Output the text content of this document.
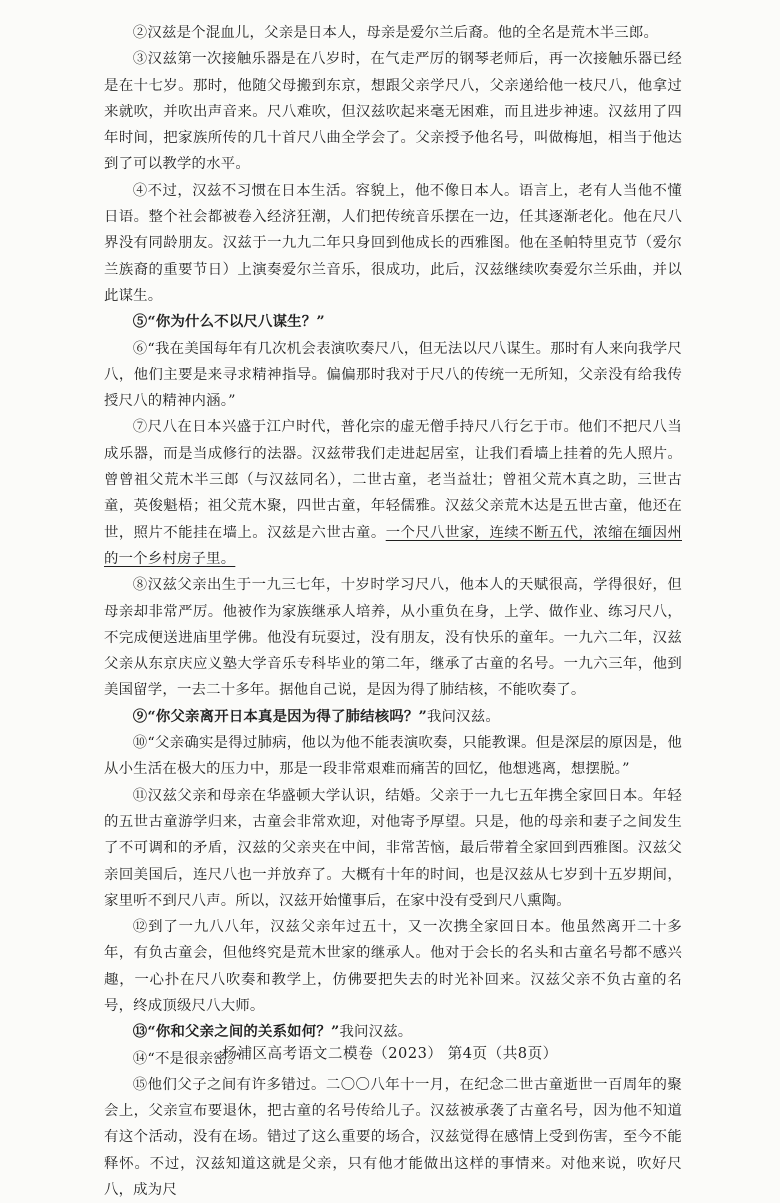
②汉兹是个混血儿，父亲是日本人，母亲是爱尔兰后裔。他的全名是荒木半三郎。

③汉兹第一次接触乐器是在八岁时，在气走严厉的钢琴老师后，再一次接触乐器已经是在十七岁。那时，他随父母搬到东京，想跟父亲学尺八，父亲递给他一枝尺八，他拿过来就吹，并吹出声音来。尺八难吹，但汉兹吹起来毫无困难，而且进步神速。汉兹用了四年时间，把家族所传的几十首尺八曲全学会了。父亲授予他名号，叫做梅旭，相当于他达到了可以教学的水平。

④不过，汉兹不习惯在日本生活。容貌上，他不像日本人。语言上，老有人当他不懂日语。整个社会都被卷入经济狂潮，人们把传统音乐摆在一边，任其逐渐老化。他在尺八界没有同龄朋友。汉兹于一九九二年只身回到他成长的西雅图。他在圣帕特里克节（爱尔兰族裔的重要节日）上演奏爱尔兰音乐，很成功，此后，汉兹继续吹奏爱尔兰乐曲，并以此谋生。

⑤“你为什么不以尺八谋生？”

⑥“我在美国每年有几次机会表演吹奏尺八，但无法以尺八谋生。那时有人来向我学尺八，他们主要是来寻求精神指导。偏偏那时我对于尺八的传统一无所知，父亲没有给我传授尺八的精神内涵。”

⑦尺八在日本兴盛于江户时代，普化宗的虚无僧手持尺八行乞于市。他们不把尺八当成乐器，而是当成修行的法器。汉兹带我们走进起居室，让我们看墙上挂着的先人照片。曾曾祖父荒木半三郎（与汉兹同名），二世古童，老当益壮；曾祖父荒木真之助，三世古童，英俊魁梧；祖父荒木聚，四世古童，年轻儒雅。汉兹父亲荒木达是五世古童，他还在世，照片不能挂在墙上。汉兹是六世古童。一个尺八世家，连续不断五代，浓缩在缅因州的一个乡村房子里。

⑧汉兹父亲出生于一九三七年，十岁时学习尺八，他本人的天赋很高，学得很好，但母亲却非常严厉。他被作为家族继承人培养，从小重负在身，上学、做作业、练习尺八，不完成便送进庙里学佛。他没有玩耍过，没有朋友，没有快乐的童年。一九六二年，汉兹父亲从东京庆应义塾大学音乐专科毕业的第二年，继承了古童的名号。一九六三年，他到美国留学，一去二十多年。据他自己说，是因为得了肺结核，不能吹奏了。

⑨“你父亲离开日本真是因为得了肺结核吗？”我问汉兹。

⑩“父亲确实是得过肺病，他以为他不能表演吹奏，只能教课。但是深层的原因是，他从小生活在极大的压力中，那是一段非常艰难而痛苦的回忆，他想逃离，想摆脱。”

⑪汉兹父亲和母亲在华盛顿大学认识，结婚。父亲于一九七五年携全家回日本。年轻的五世古童游学归来，古童会非常欢迎，对他寄予厚望。只是，他的母亲和妻子之间发生了不可调和的矛盾，汉兹的父亲夹在中间，非常苦恼，最后带着全家回到西雅图。汉兹父亲回美国后，连尺八也一并放弃了。大概有十年的时间，也是汉兹从七岁到十五岁期间，家里听不到尺八声。所以，汉兹开始懂事后，在家中没有受到尺八熏陶。

⑫到了一九八八年，汉兹父亲年过五十，又一次携全家回日本。他虽然离开二十多年，有负古童会，但他终究是荒木世家的继承人。他对于会长的名头和古童名号都不感兴趣，一心扑在尺八吹奏和教学上，仿佛要把失去的时光补回来。汉兹父亲不负古童的名号，终成顶级尺八大师。

⑬“你和父亲之间的关系如何？”我问汉兹。

⑭“不是很亲密。”

⑮他们父子之间有许多错过。二〇〇八年十一月，在纪念二世古童逝世一百周年的聚会上，父亲宣布要退休，把古童的名号传给儿子。汉兹被承袭了古童名号，因为他不知道有这个活动，没有在场。错过了这么重要的场合，汉兹觉得在感情上受到伤害，至今不能释怀。不过，汉兹知道这就是父亲，只有他才能做出这样的事情来。对他来说，吹好尺八，成为尺

杨浦区高考语文二模卷（2023） 第4页（共8页）
